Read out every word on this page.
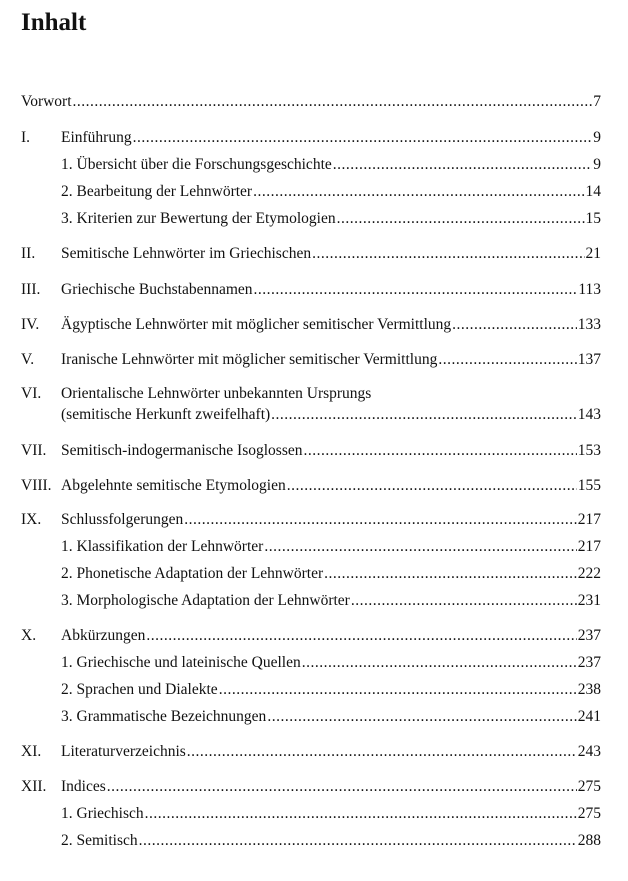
Inhalt
Vorwort .....	7
I. Einführung .....	9
1. Übersicht über die Forschungsgeschichte .....	9
2. Bearbeitung der Lehnwörter .....	14
3. Kriterien zur Bewertung der Etymologien .....	15
II. Semitische Lehnwörter im Griechischen .....	21
III. Griechische Buchstabennamen .....	113
IV. Ägyptische Lehnwörter mit möglicher semitischer Vermittlung .....	133
V. Iranische Lehnwörter mit möglicher semitischer Vermittlung .....	137
VI. Orientalische Lehnwörter unbekannten Ursprungs
(semitische Herkunft zweifelhaft) .....	143
VII. Semitisch-indogermanische Isoglossen .....	153
VIII. Abgelehnte semitische Etymologien .....	155
IX. Schlussfolgerungen .....	217
1. Klassifikation der Lehnwörter .....	217
2. Phonetische Adaptation der Lehnwörter .....	222
3. Morphologische Adaptation der Lehnwörter .....	231
X. Abkürzungen .....	237
1. Griechische und lateinische Quellen .....	237
2. Sprachen und Dialekte .....	238
3. Grammatische Bezeichnungen .....	241
XI. Literaturverzeichnis .....	243
XII. Indices .....	275
1. Griechisch .....	275
2. Semitisch .....	288
